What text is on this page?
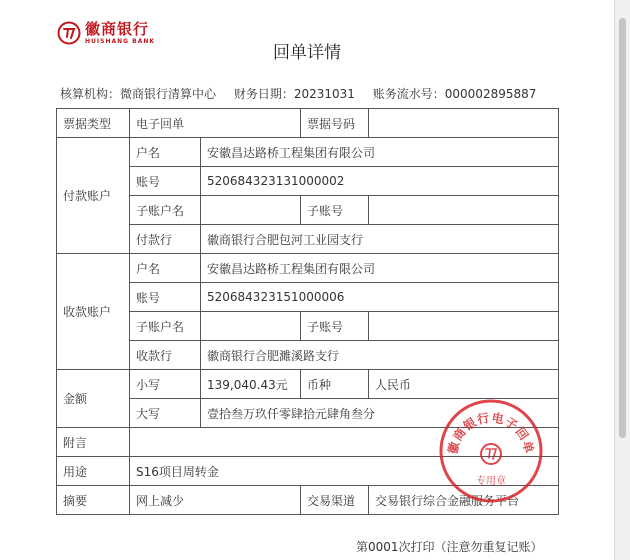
徽商银行
HUISHANG BANK
回单详情
核算机构：微商银行清算中心 财务日期：20231031 账务流水号：000002895887
票据类型	电子回单		票据号码	
付款账户	户名	安徽昌达路桥工程集团有限公司		
	账号	520684323131000002		
	子账户名		子账号	
	付款行	徽商银行合肥包河工业园支行		
收款账户	户名	安徽昌达路桥工程集团有限公司		
	账号	520684323151000006		
	子账户名		子账号	
	收款行	徽商银行合肥濉溪路支行		
金额	小写	139,040.43元	币种	人民币
	大写	壹拾叁万玖仟零肆拾元肆角叁分		
附言				
用途	S16项目周转金			
摘要	网上减少		交易渠道	交易银行综合金融服务平台
徽商银行电子回单
专用章
第0001次打印（注意勿重复记账）
